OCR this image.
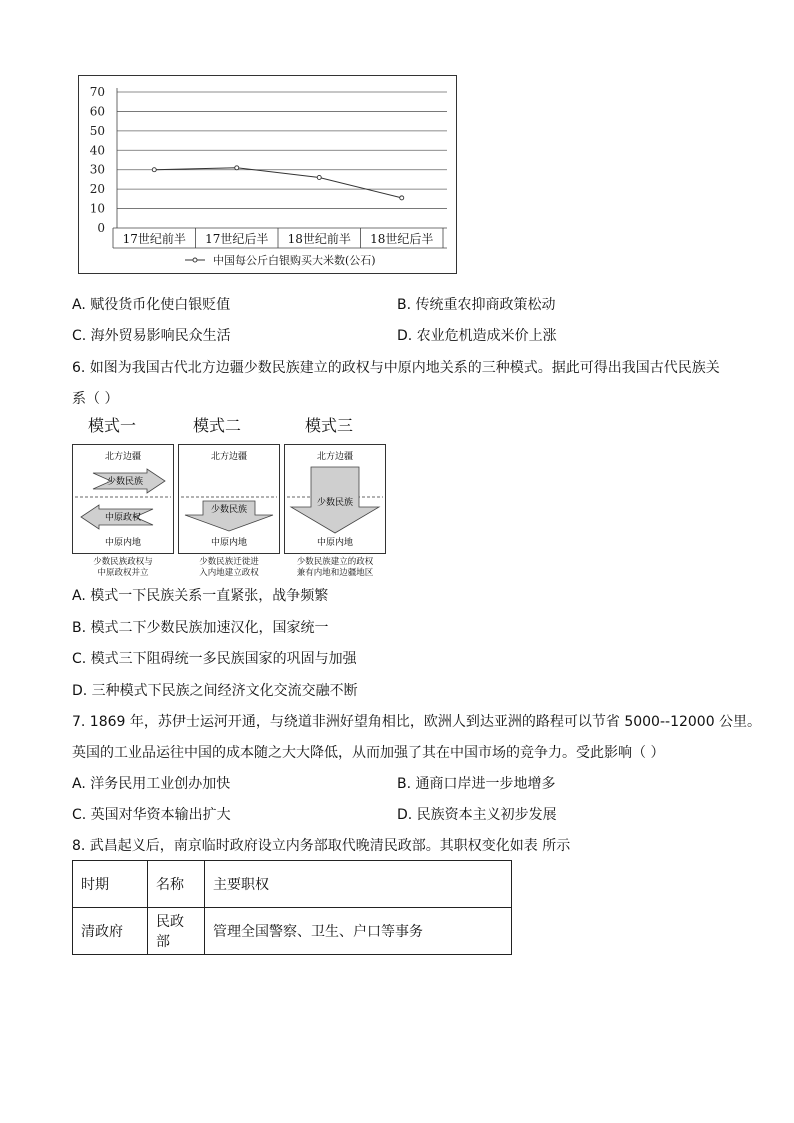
0
10
20
30
40
50
60
70
17世纪前半 17世纪后半 18世纪前半 18世纪后半
中国每公斤白银购买大米数(公石)
A. 赋役货币化使白银贬值	B. 传统重农抑商政策松动
C. 海外贸易影响民众生活	D. 农业危机造成米价上涨
6. 如图为我国古代北方边疆少数民族建立的政权与中原内地关系的三种模式。据此可得出我国古代民族关
系（ ）
模式一
北方边疆
少数民族
中原政权
中原内地
少数民族政权与
中原政权并立
模式二
北方边疆
少数民族
中原内地
少数民族迁徙进
入内地建立政权
模式三
北方边疆
少数民族
中原内地
少数民族建立的政权
兼有内地和边疆地区
A. 模式一下民族关系一直紧张，战争频繁
B. 模式二下少数民族加速汉化，国家统一
C. 模式三下阻碍统一多民族国家的巩固与加强
D. 三种模式下民族之间经济文化交流交融不断
7. 1869 年，苏伊士运河开通，与绕道非洲好望角相比，欧洲人到达亚洲的路程可以节省 5000--12000 公里。
英国的工业品运往中国的成本随之大大降低，从而加强了其在中国市场的竞争力。受此影响（ ）
A. 洋务民用工业创办加快	B. 通商口岸进一步地增多
C. 英国对华资本输出扩大	D. 民族资本主义初步发展
8. 武昌起义后，南京临时政府设立内务部取代晚清民政部。其职权变化如表 所示
时期	名称	主要职权
清政府	民政部	管理全国警察、卫生、户口等事务
